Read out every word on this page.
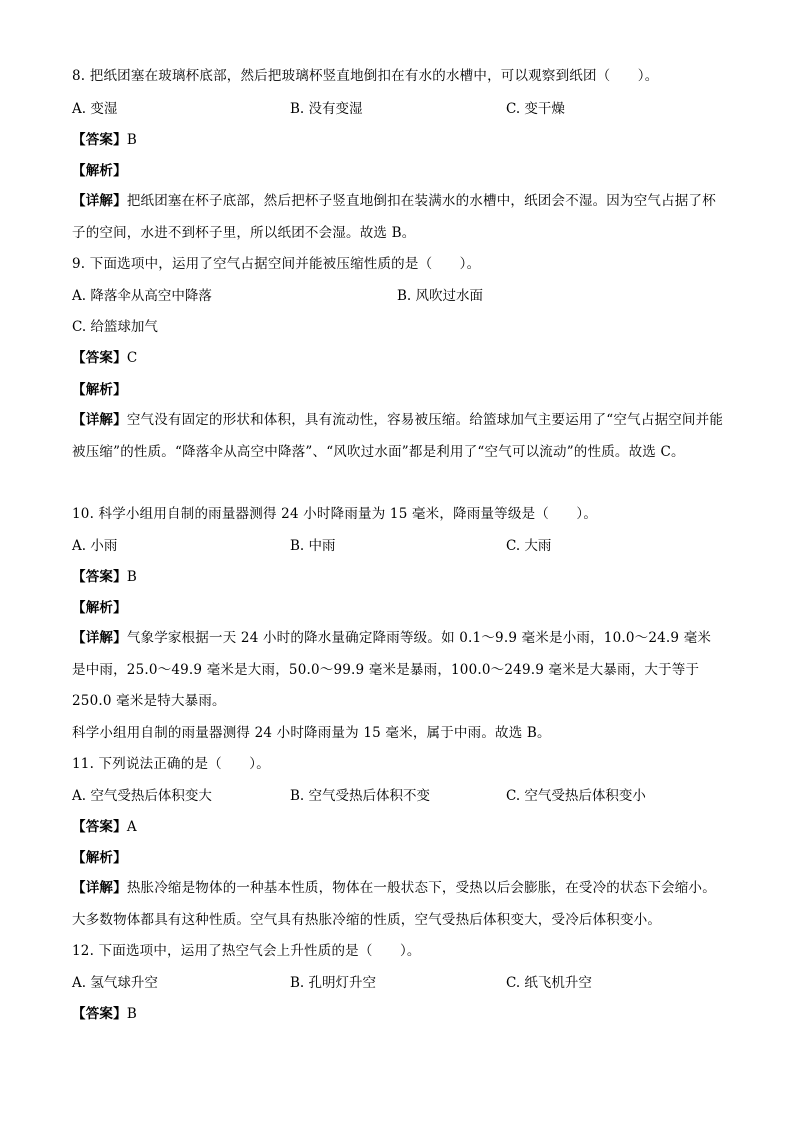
8. 把纸团塞在玻璃杯底部，然后把玻璃杯竖直地倒扣在有水的水槽中，可以观察到纸团（　　）。
A. 变湿	B. 没有变湿	C. 变干燥
【答案】B
【解析】
【详解】把纸团塞在杯子底部，然后把杯子竖直地倒扣在装满水的水槽中，纸团会不湿。因为空气占据了杯子的空间，水进不到杯子里，所以纸团不会湿。故选 B。
9. 下面选项中，运用了空气占据空间并能被压缩性质的是（　　）。
A. 降落伞从高空中降落	B. 风吹过水面
C. 给篮球加气
【答案】C
【解析】
【详解】空气没有固定的形状和体积，具有流动性，容易被压缩。给篮球加气主要运用了“空气占据空间并能被压缩”的性质。“降落伞从高空中降落”、“风吹过水面”都是利用了“空气可以流动”的性质。故选 C。
10. 科学小组用自制的雨量器测得 24 小时降雨量为 15 毫米，降雨量等级是（　　）。
A. 小雨	B. 中雨	C. 大雨
【答案】B
【解析】
【详解】气象学家根据一天 24 小时的降水量确定降雨等级。如 0.1～9.9 毫米是小雨，10.0～24.9 毫米是中雨，25.0～49.9 毫米是大雨，50.0～99.9 毫米是暴雨，100.0～249.9 毫米是大暴雨，大于等于 250.0 毫米是特大暴雨。
科学小组用自制的雨量器测得 24 小时降雨量为 15 毫米，属于中雨。故选 B。
11. 下列说法正确的是（　　）。
A. 空气受热后体积变大	B. 空气受热后体积不变	C. 空气受热后体积变小
【答案】A
【解析】
【详解】热胀冷缩是物体的一种基本性质，物体在一般状态下，受热以后会膨胀，在受冷的状态下会缩小。大多数物体都具有这种性质。空气具有热胀冷缩的性质，空气受热后体积变大，受冷后体积变小。
12. 下面选项中，运用了热空气会上升性质的是（　　）。
A. 氢气球升空	B. 孔明灯升空	C. 纸飞机升空
【答案】B
